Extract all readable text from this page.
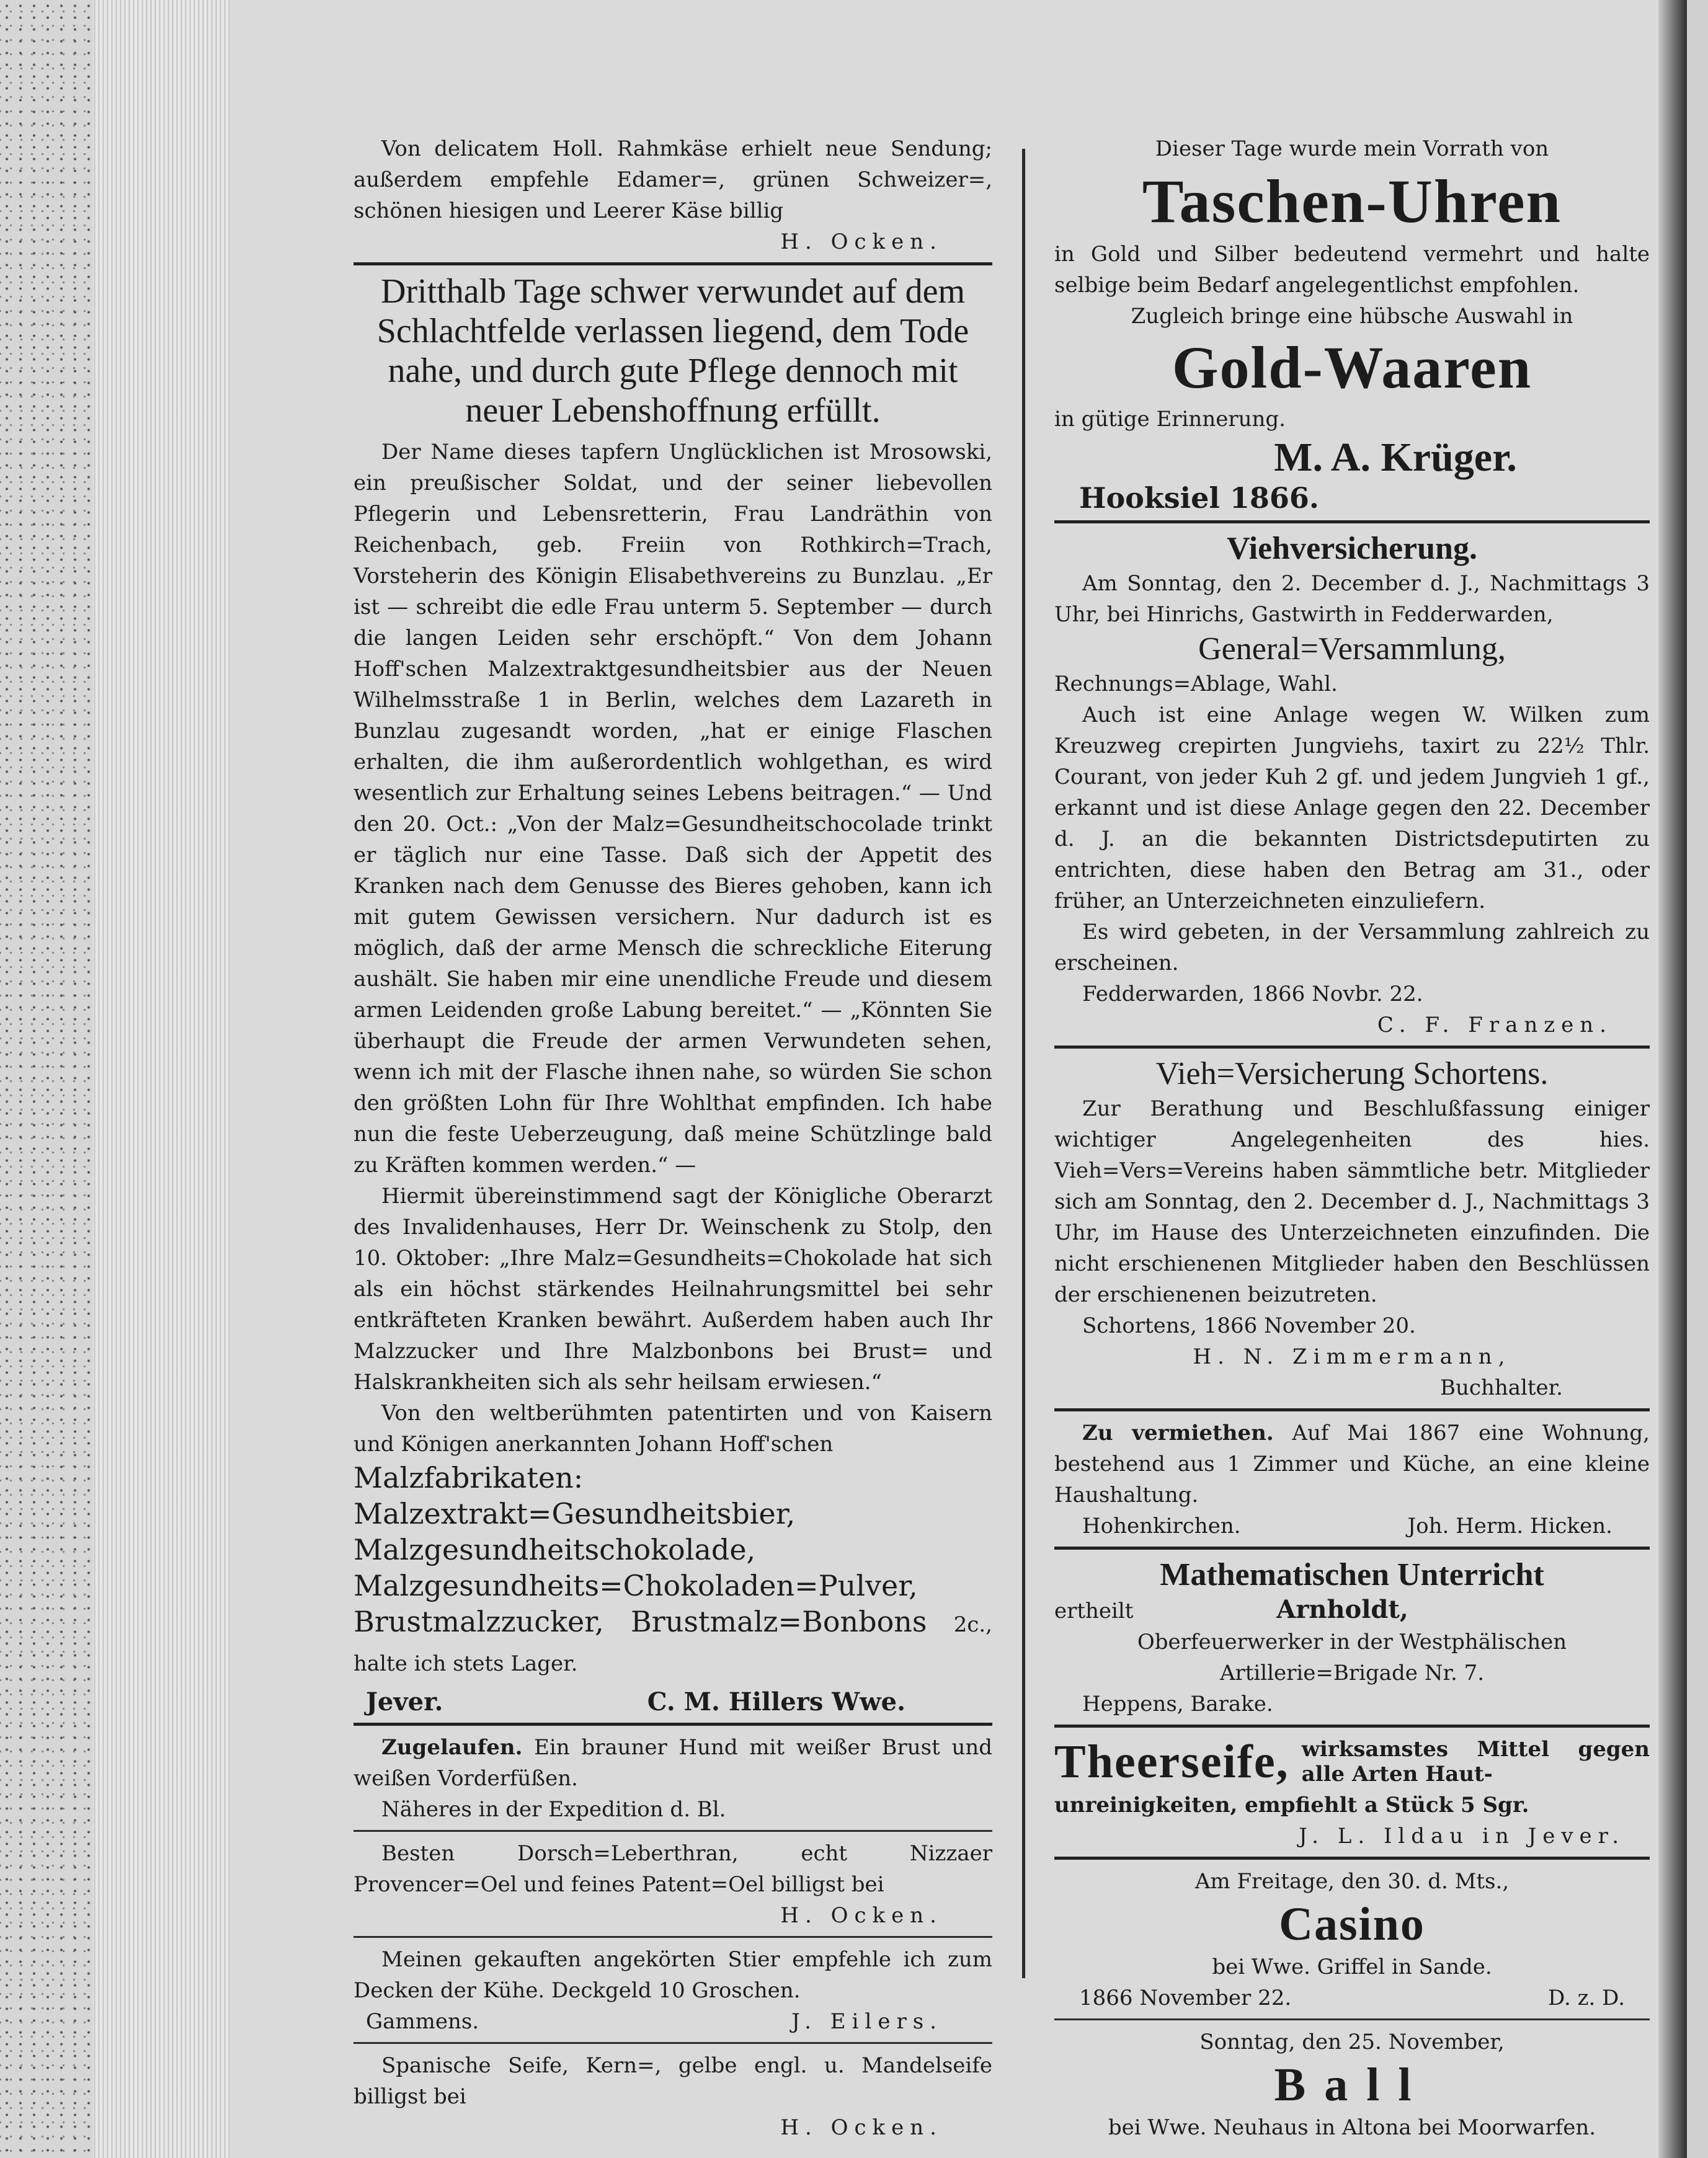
Von delicatem Holl. Rahmkäse erhielt neue Sendung; außerdem empfehle Edamer=, grünen Schweizer=, schönen hiesigen und Leerer Käse billig

H. Ocken.

Dritthalb Tage schwer verwundet auf dem Schlachtfelde verlassen liegend, dem Tode nahe, und durch gute Pflege dennoch mit neuer Lebenshoffnung erfüllt.

Der Name dieses tapfern Unglücklichen ist Mrosowski, ein preußischer Soldat, und der seiner liebevollen Pflegerin und Lebensretterin, Frau Landräthin von Reichenbach, geb. Freiin von Rothkirch=Trach, Vorsteherin des Königin Elisabethvereins zu Bunzlau. „Er ist — schreibt die edle Frau unterm 5. September — durch die langen Leiden sehr erschöpft.“ Von dem Johann Hoff'schen Malzextraktgesundheitsbier aus der Neuen Wilhelmsstraße 1 in Berlin, welches dem Lazareth in Bunzlau zugesandt worden, „hat er einige Flaschen erhalten, die ihm außerordentlich wohlgethan, es wird wesentlich zur Erhaltung seines Lebens beitragen.“ — Und den 20. Oct.: „Von der Malz=Gesundheitschocolade trinkt er täglich nur eine Tasse. Daß sich der Appetit des Kranken nach dem Genusse des Bieres gehoben, kann ich mit gutem Gewissen versichern. Nur dadurch ist es möglich, daß der arme Mensch die schreckliche Eiterung aushält. Sie haben mir eine unendliche Freude und diesem armen Leidenden große Labung bereitet.“ — „Könnten Sie überhaupt die Freude der armen Verwundeten sehen, wenn ich mit der Flasche ihnen nahe, so würden Sie schon den größten Lohn für Ihre Wohlthat empfinden. Ich habe nun die feste Ueberzeugung, daß meine Schützlinge bald zu Kräften kommen werden.“ —

Hiermit übereinstimmend sagt der Königliche Oberarzt des Invalidenhauses, Herr Dr. Weinschenk zu Stolp, den 10. Oktober: „Ihre Malz=Gesundheits=Chokolade hat sich als ein höchst stärkendes Heilnahrungsmittel bei sehr entkräfteten Kranken bewährt. Außerdem haben auch Ihr Malzzucker und Ihre Malzbonbons bei Brust= und Halskrankheiten sich als sehr heilsam erwiesen.“

Von den weltberühmten patentirten und von Kaisern und Königen anerkannten Johann Hoff'schen

Malzfabrikaten: Malzextrakt=Gesundheitsbier, Malzgesundheitschokolade, Malzgesundheits=Chokoladen=Pulver, Brustmalzzucker, Brustmalz=Bonbons 2c., halte ich stets Lager.

Jever.	C. M. Hillers Wwe.

Zugelaufen. Ein brauner Hund mit weißer Brust und weißen Vorderfüßen.

Näheres in der Expedition d. Bl.

Besten Dorsch=Leberthran, echt Nizzaer Provencer=Oel und feines Patent=Oel billigst bei

H. Ocken.

Meinen gekauften angekörten Stier empfehle ich zum Decken der Kühe. Deckgeld 10 Groschen.

Gammens.	J. Eilers.

Spanische Seife, Kern=, gelbe engl. u. Mandelseife billigst bei

H. Ocken.

Dieser Tage wurde mein Vorrath von

Taschen-Uhren

in Gold und Silber bedeutend vermehrt und halte selbige beim Bedarf angelegentlichst empfohlen.

Zugleich bringe eine hübsche Auswahl in

Gold-Waaren

in gütige Erinnerung.

M. A. Krüger.

Hooksiel 1866.

Viehversicherung.

Am Sonntag, den 2. December d. J., Nachmittags 3 Uhr, bei Hinrichs, Gastwirth in Fedderwarden,

General=Versammlung,

Rechnungs=Ablage, Wahl.

Auch ist eine Anlage wegen W. Wilken zum Kreuzweg crepirten Jungviehs, taxirt zu 22½ Thlr. Courant, von jeder Kuh 2 gf. und jedem Jungvieh 1 gf., erkannt und ist diese Anlage gegen den 22. December d. J. an die bekannten Districtsdeputirten zu entrichten, diese haben den Betrag am 31., oder früher, an Unterzeichneten einzuliefern.

Es wird gebeten, in der Versammlung zahlreich zu erscheinen.

Fedderwarden, 1866 Novbr. 22.

C. F. Franzen.

Vieh=Versicherung Schortens.

Zur Berathung und Beschlußfassung einiger wichtiger Angelegenheiten des hies. Vieh=Vers=Vereins haben sämmtliche betr. Mitglieder sich am Sonntag, den 2. December d. J., Nachmittags 3 Uhr, im Hause des Unterzeichneten einzufinden. Die nicht erschienenen Mitglieder haben den Beschlüssen der erschienenen beizutreten.

Schortens, 1866 November 20.

H. N. Zimmermann,

Buchhalter.

Zu vermiethen. Auf Mai 1867 eine Wohnung, bestehend aus 1 Zimmer und Küche, an eine kleine Haushaltung.

Hohenkirchen.	Joh. Herm. Hicken.

Mathematischen Unterricht

ertheilt	Arnholdt,

Oberfeuerwerker in der Westphälischen Artillerie=Brigade Nr. 7.

Heppens, Barake.

Theerseife, wirksamstes Mittel gegen alle Arten Haut-

unreinigkeiten, empfiehlt a Stück 5 Sgr.

J. L. Ildau in Jever.

Am Freitage, den 30. d. Mts.,

Casino

bei Wwe. Griffel in Sande.

1866 November 22.	D. z. D.

Sonntag, den 25. November,

Ball

bei Wwe. Neuhaus in Altona bei Moorwarfen.
